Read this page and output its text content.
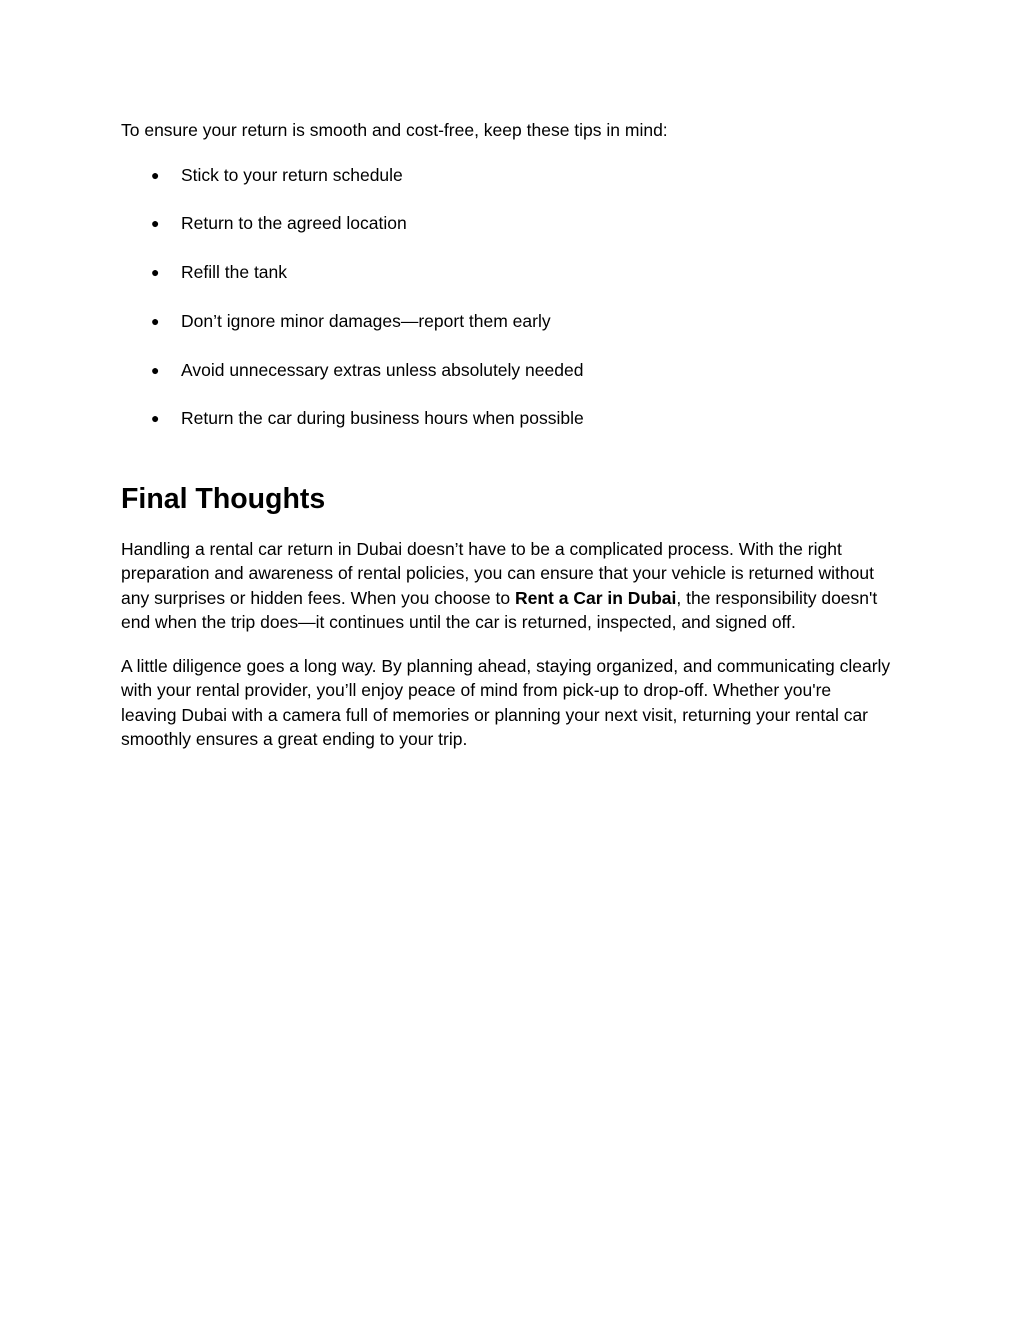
To ensure your return is smooth and cost-free, keep these tips in mind:

● Stick to your return schedule
● Return to the agreed location
● Refill the tank
● Don’t ignore minor damages—report them early
● Avoid unnecessary extras unless absolutely needed
● Return the car during business hours when possible
Final Thoughts

Handling a rental car return in Dubai doesn’t have to be a complicated process. With the right preparation and awareness of rental policies, you can ensure that your vehicle is returned without any surprises or hidden fees. When you choose to Rent a Car in Dubai, the responsibility doesn't end when the trip does—it continues until the car is returned, inspected, and signed off.

A little diligence goes a long way. By planning ahead, staying organized, and communicating clearly with your rental provider, you’ll enjoy peace of mind from pick-up to drop-off. Whether you're leaving Dubai with a camera full of memories or planning your next visit, returning your rental car smoothly ensures a great ending to your trip.
